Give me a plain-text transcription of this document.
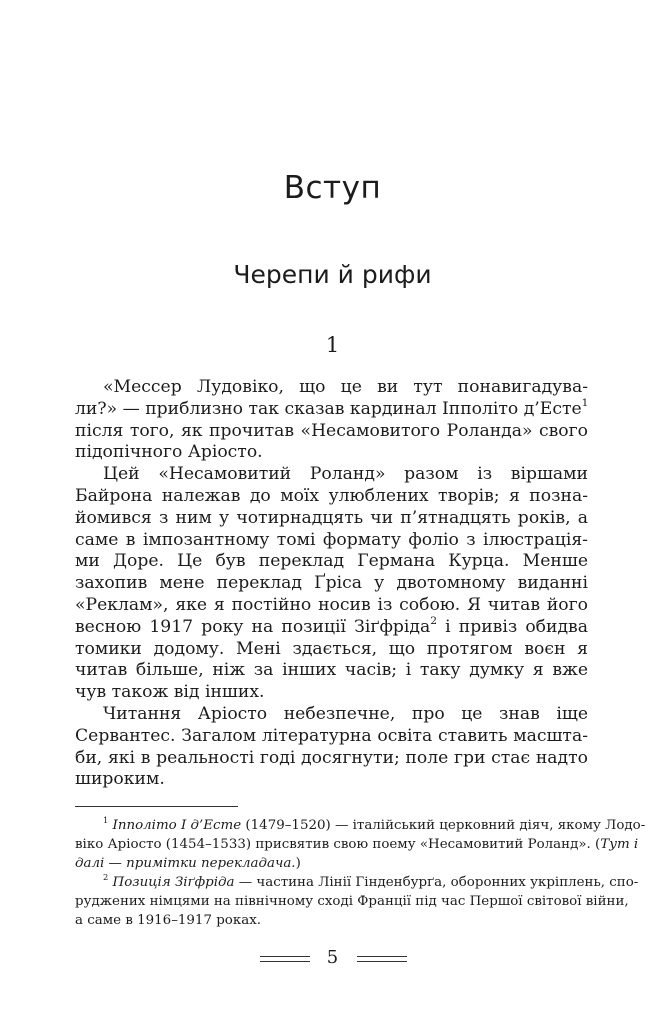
Вступ
Черепи й рифи
1
«Мессер Лудовіко, що це ви тут понавигадува-
ли?» — приблизно так сказав кардинал Іпполіто д’Есте$^1$
після того, як прочитав «Несамовитого Роланда» свого
підопічного Аріосто.
Цей «Несамовитий Роланд» разом із віршами
Байрона належав до моїх улюблених творів; я позна-
йомився з ним у чотирнадцять чи п’ятнадцять років, а
саме в імпозантному томі формату фоліо з ілюстрація-
ми Доре. Це був переклад Германа Курца. Менше
захопив мене переклад Ґріса у двотомному виданні
«Реклам», яке я постійно носив із собою. Я читав його
весною 1917 року на позиції Зіґфріда$^2$ і привіз обидва
томики додому. Мені здається, що протягом воєн я
читав більше, ніж за інших часів; і таку думку я вже
чув також від інших.
Читання Аріосто небезпечне, про це знав іще
Сервантес. Загалом літературна освіта ставить масшта-
би, які в реальності годі досягнути; поле гри стає надто
широким.
$^1$ Іпполіто I д’Есте (1479–1520) — італійський церковний діяч, якому Лодо-
віко Аріосто (1454–1533) присвятив свою поему «Несамовитий Роланд». (Тут і
далі — примітки перекладача.)
$^2$ Позиція Зіґфріда — частина Лінії Гінденбурґа, оборонних укріплень, спо-
руджених німцями на північному сході Франції під час Першої світової війни,
а саме в 1916–1917 роках.
5
